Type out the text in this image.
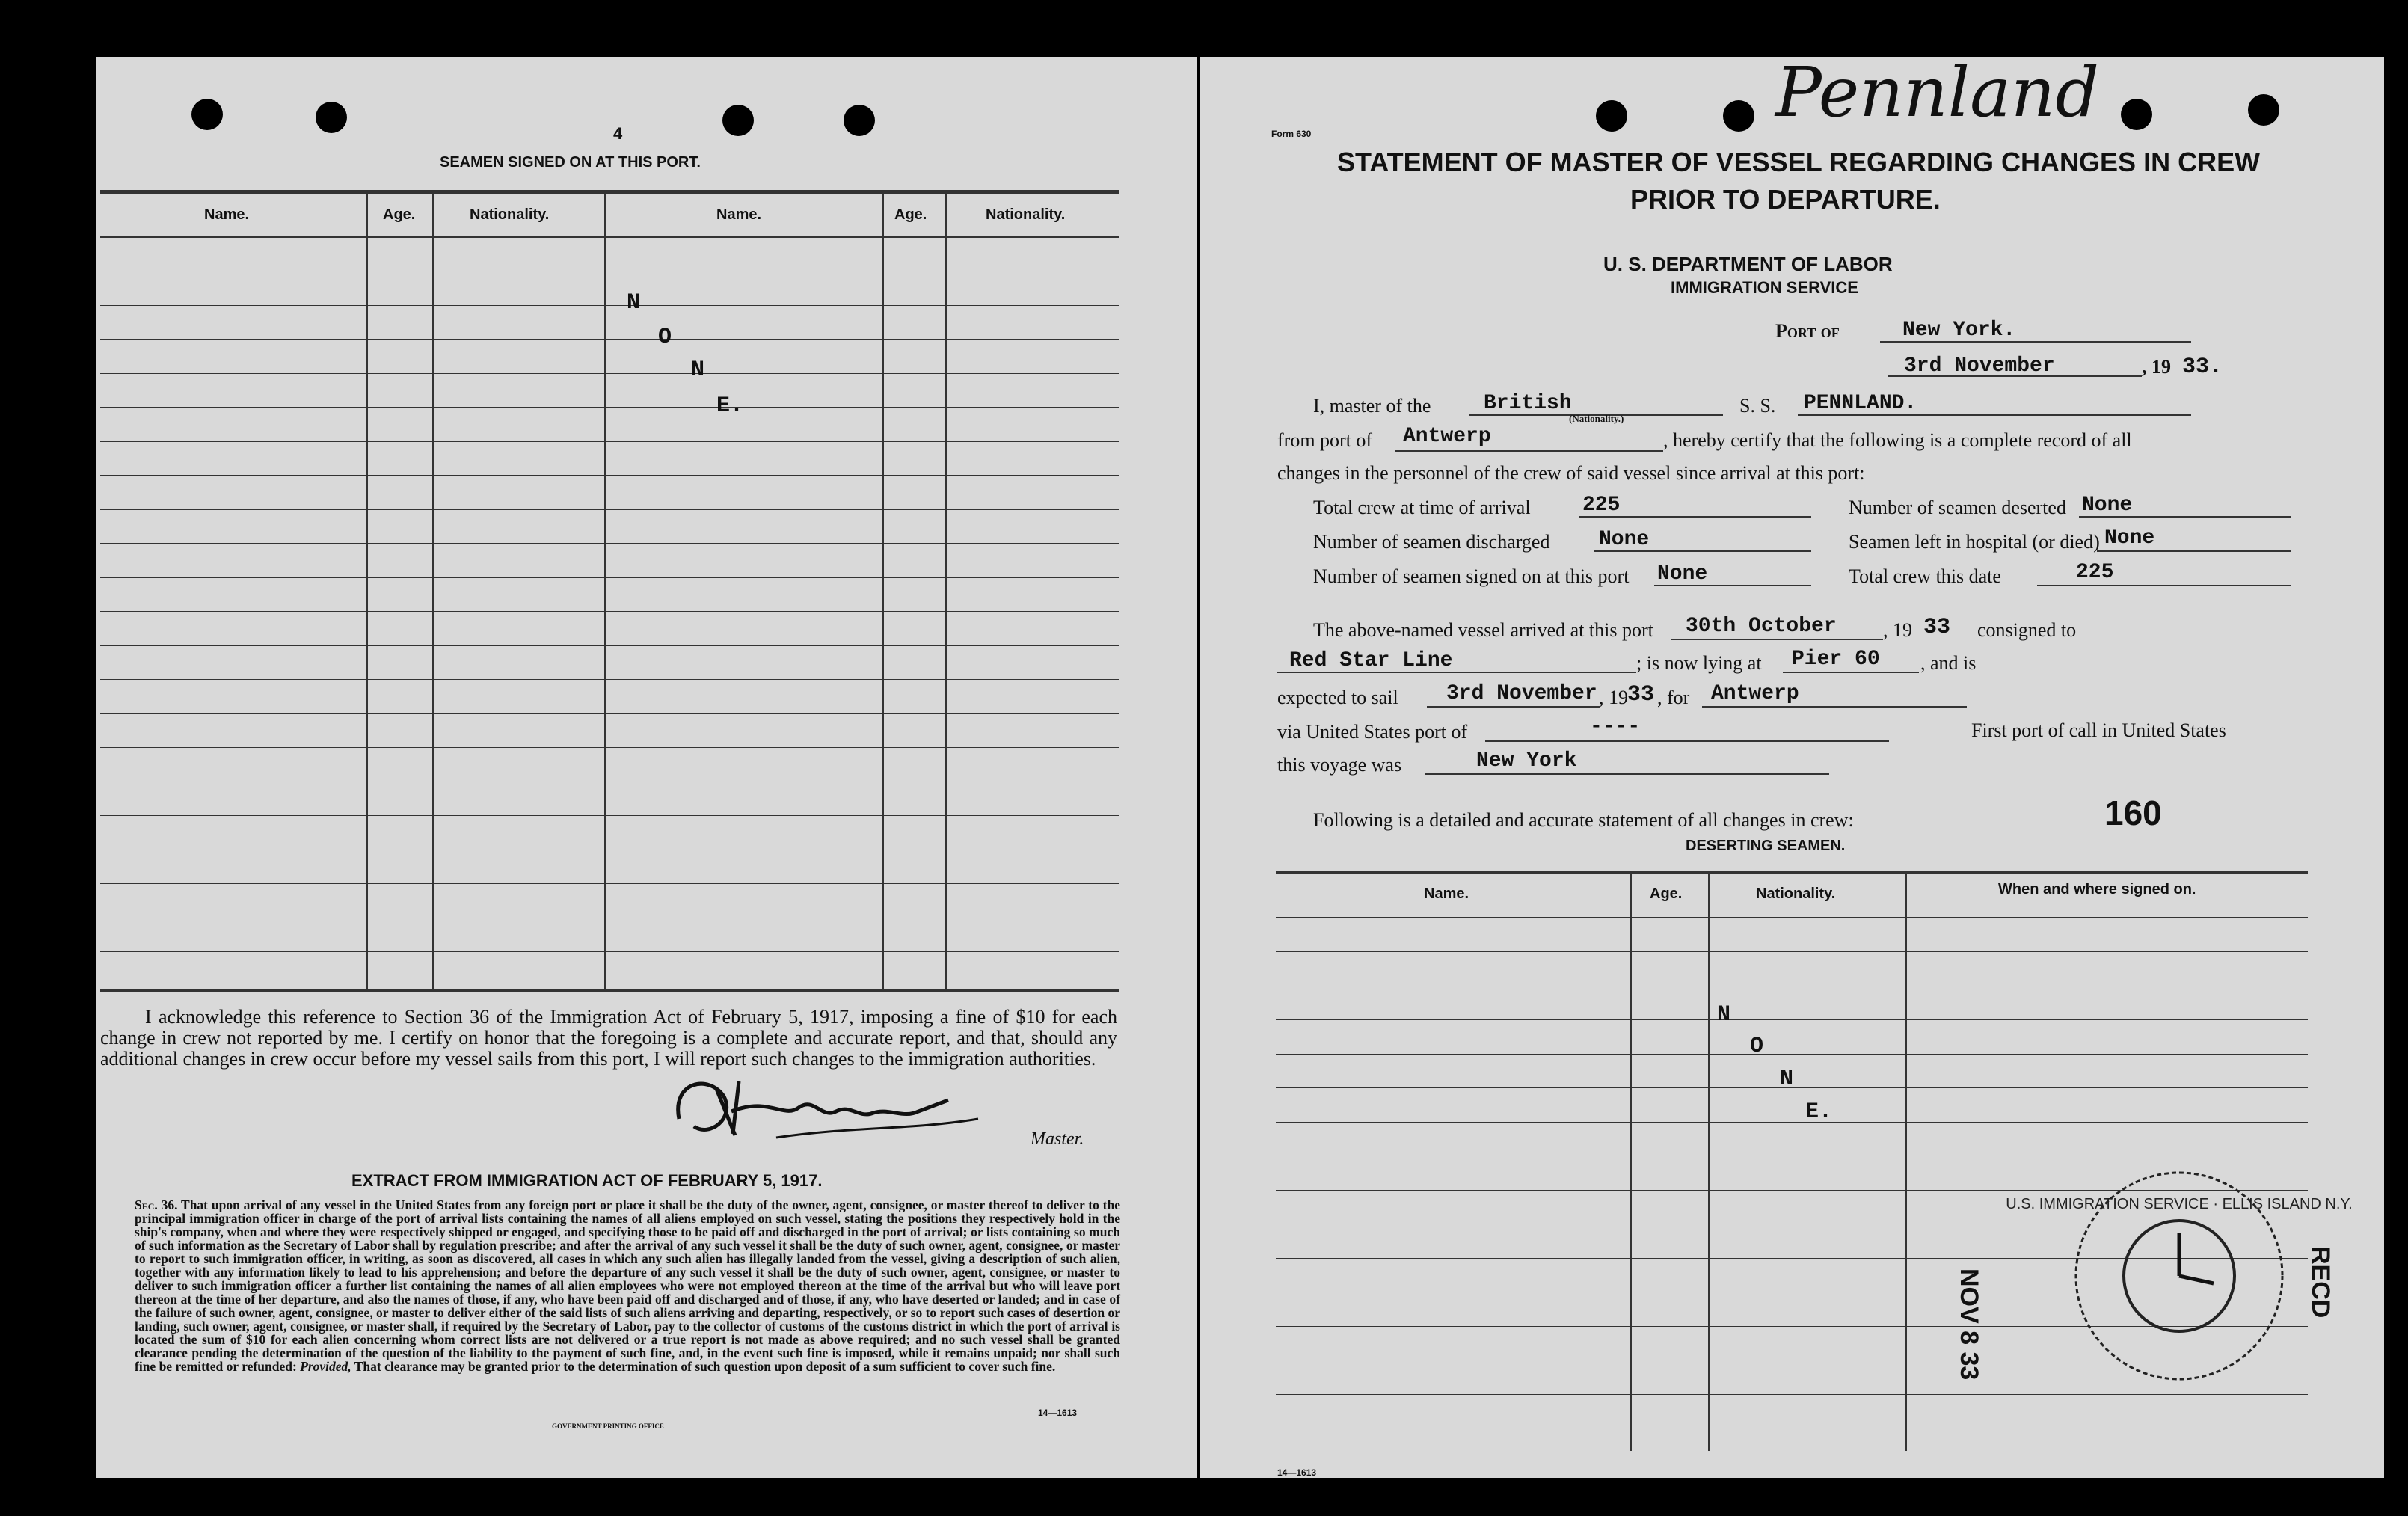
4
SEAMEN SIGNED ON AT THIS PORT.
Name.	Age.	Nationality.	Name.	Age.	Nationality.
N
O
N
E.
I acknowledge this reference to Section 36 of the Immigration Act of February 5, 1917, imposing a fine of $10 for each change in crew not reported by me. I certify on honor that the foregoing is a complete and accurate report, and that, should any additional changes in crew occur before my vessel sails from this port, I will report such changes to the immigration authorities.
Master.
EXTRACT FROM IMMIGRATION ACT OF FEBRUARY 5, 1917.
Sec. 36. That upon arrival of any vessel in the United States from any foreign port or place it shall be the duty of the owner, agent, consignee, or master thereof to deliver to the principal immigration officer in charge of the port of arrival lists containing the names of all aliens employed on such vessel, stating the positions they respectively hold in the ship's company, when and where they were respectively shipped or engaged, and specifying those to be paid off and discharged in the port of arrival; or lists containing so much of such information as the Secretary of Labor shall by regulation prescribe; and after the arrival of any such vessel it shall be the duty of such owner, agent, consignee, or master to report to such immigration officer, in writing, as soon as discovered, all cases in which any such alien has illegally landed from the vessel, giving a description of such alien, together with any information likely to lead to his apprehension; and before the departure of any such vessel it shall be the duty of such owner, agent, consignee, or master to deliver to such immigration officer a further list containing the names of all alien employees who were not employed thereon at the time of the arrival but who will leave port thereon at the time of her departure, and also the names of those, if any, who have been paid off and discharged and of those, if any, who have deserted or landed; and in case of the failure of such owner, agent, consignee, or master to deliver either of the said lists of such aliens arriving and departing, respectively, or so to report such cases of desertion or landing, such owner, agent, consignee, or master shall, if required by the Secretary of Labor, pay to the collector of customs of the customs district in which the port of arrival is located the sum of $10 for each alien concerning whom correct lists are not delivered or a true report is not made as above required; and no such vessel shall be granted clearance pending the determination of the question of the liability to the payment of such fine, and, in the event such fine is imposed, while it remains unpaid; nor shall such fine be remitted or refunded: Provided, That clearance may be granted prior to the determination of such question upon deposit of a sum sufficient to cover such fine.
GOVERNMENT PRINTING OFFICE
14—1613
Form 630
Pennland
STATEMENT OF MASTER OF VESSEL REGARDING CHANGES IN CREW
PRIOR TO DEPARTURE.
U. S. DEPARTMENT OF LABOR
IMMIGRATION SERVICE
Port of	New York.
3rd November	, 19 33.
I, master of the	British
(Nationality.)
S. S. PENNLAND.
from port of Antwerp	, hereby certify that the following is a complete record of all
changes in the personnel of the crew of said vessel since arrival at this port:
Total crew at time of arrival 225	Number of seamen deserted None
Number of seamen discharged None	Seamen left in hospital (or died) None
Number of seamen signed on at this port None	Total crew this date	225
The above-named vessel arrived at this port 30th October , 19 33 consigned to
Red Star Line	; is now lying at Pier 60 , and is
expected to sail 3rd November , 19 33 , for Antwerp
via United States port of	----	First port of call in United States
this voyage was	New York
Following is a detailed and accurate statement of all changes in crew:	160
DESERTING SEAMEN.
Name.	Age.	Nationality.	When and where signed on.
N
O
N
E.
U.S. IMMIGRATION SERVICE · ELLIS ISLAND N.Y.
NOV 8 33	RECD
14—1613
